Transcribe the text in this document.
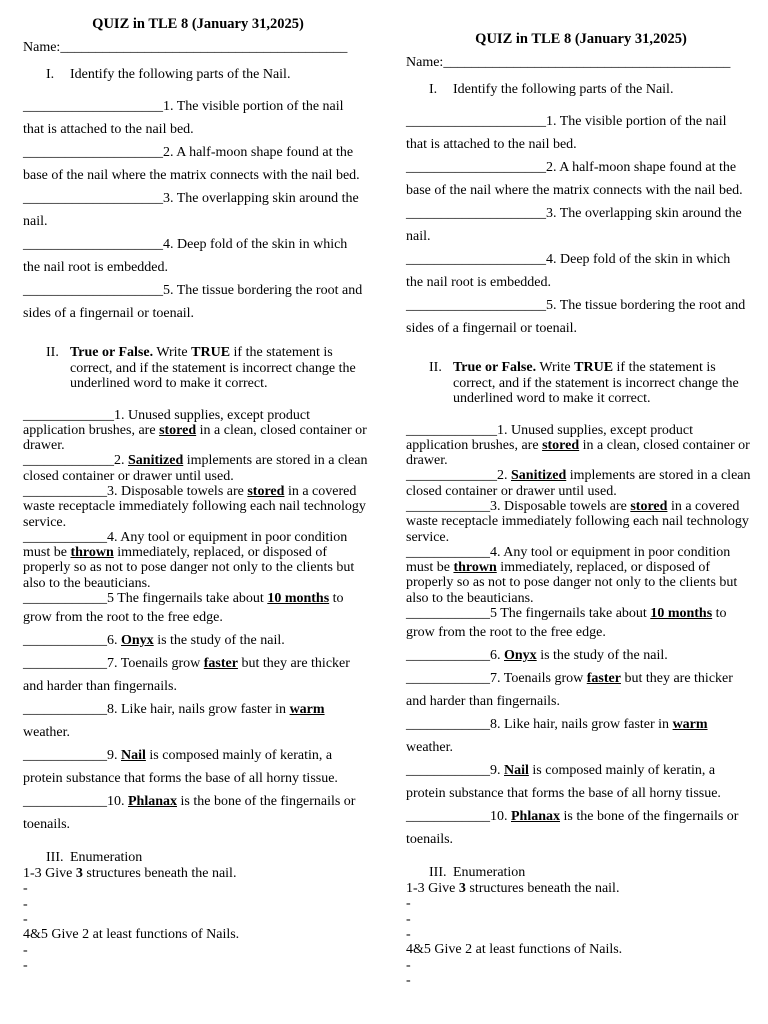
QUIZ in TLE 8 (January 31,2025)
Name:_________________________________________
I.	Identify the following parts of the Nail.

____________________1. The visible portion of the nail

that is attached to the nail bed.

____________________2. A half-moon shape found at the

base of the nail where the matrix connects with the nail bed.

____________________3. The overlapping skin around the

nail.

____________________4. Deep fold of the skin in which

the nail root is embedded.

____________________5. The tissue bordering the root and

sides of a fingernail or toenail.

II. True or False. Write TRUE if the statement is correct, and if the statement is incorrect change the underlined word to make it correct.

_____________1. Unused supplies, except product application brushes, are stored in a clean, closed container or drawer.

_____________2. Sanitized implements are stored in a clean closed container or drawer until used.

____________3. Disposable towels are stored in a covered waste receptacle immediately following each nail technology service.

____________4. Any tool or equipment in poor condition must be thrown immediately, replaced, or disposed of properly so as not to pose danger not only to the clients but also to the beauticians.

____________5 The fingernails take about 10 months to

grow from the root to the free edge.

____________6. Onyx is the study of the nail.

____________7. Toenails grow faster but they are thicker

and harder than fingernails.

____________8. Like hair, nails grow faster in warm

weather.

____________9. Nail is composed mainly of keratin, a

protein substance that forms the base of all horny tissue.

____________10. Phlanax is the bone of the fingernails or

toenails.

III. Enumeration

1-3 Give 3 structures beneath the nail.

-

-

-

4&5 Give 2 at least functions of Nails.

-

-

QUIZ in TLE 8 (January 31,2025)
Name:_________________________________________
I.	Identify the following parts of the Nail.

____________________1. The visible portion of the nail

that is attached to the nail bed.

____________________2. A half-moon shape found at the

base of the nail where the matrix connects with the nail bed.

____________________3. The overlapping skin around the

nail.

____________________4. Deep fold of the skin in which

the nail root is embedded.

____________________5. The tissue bordering the root and

sides of a fingernail or toenail.

II. True or False. Write TRUE if the statement is correct, and if the statement is incorrect change the underlined word to make it correct.

_____________1. Unused supplies, except product application brushes, are stored in a clean, closed container or drawer.

_____________2. Sanitized implements are stored in a clean closed container or drawer until used.

____________3. Disposable towels are stored in a covered waste receptacle immediately following each nail technology service.

____________4. Any tool or equipment in poor condition must be thrown immediately, replaced, or disposed of properly so as not to pose danger not only to the clients but also to the beauticians.

____________5 The fingernails take about 10 months to

grow from the root to the free edge.

____________6. Onyx is the study of the nail.

____________7. Toenails grow faster but they are thicker

and harder than fingernails.

____________8. Like hair, nails grow faster in warm

weather.

____________9. Nail is composed mainly of keratin, a

protein substance that forms the base of all horny tissue.

____________10. Phlanax is the bone of the fingernails or

toenails.

III. Enumeration

1-3 Give 3 structures beneath the nail.

-

-

-

4&5 Give 2 at least functions of Nails.

-

-
